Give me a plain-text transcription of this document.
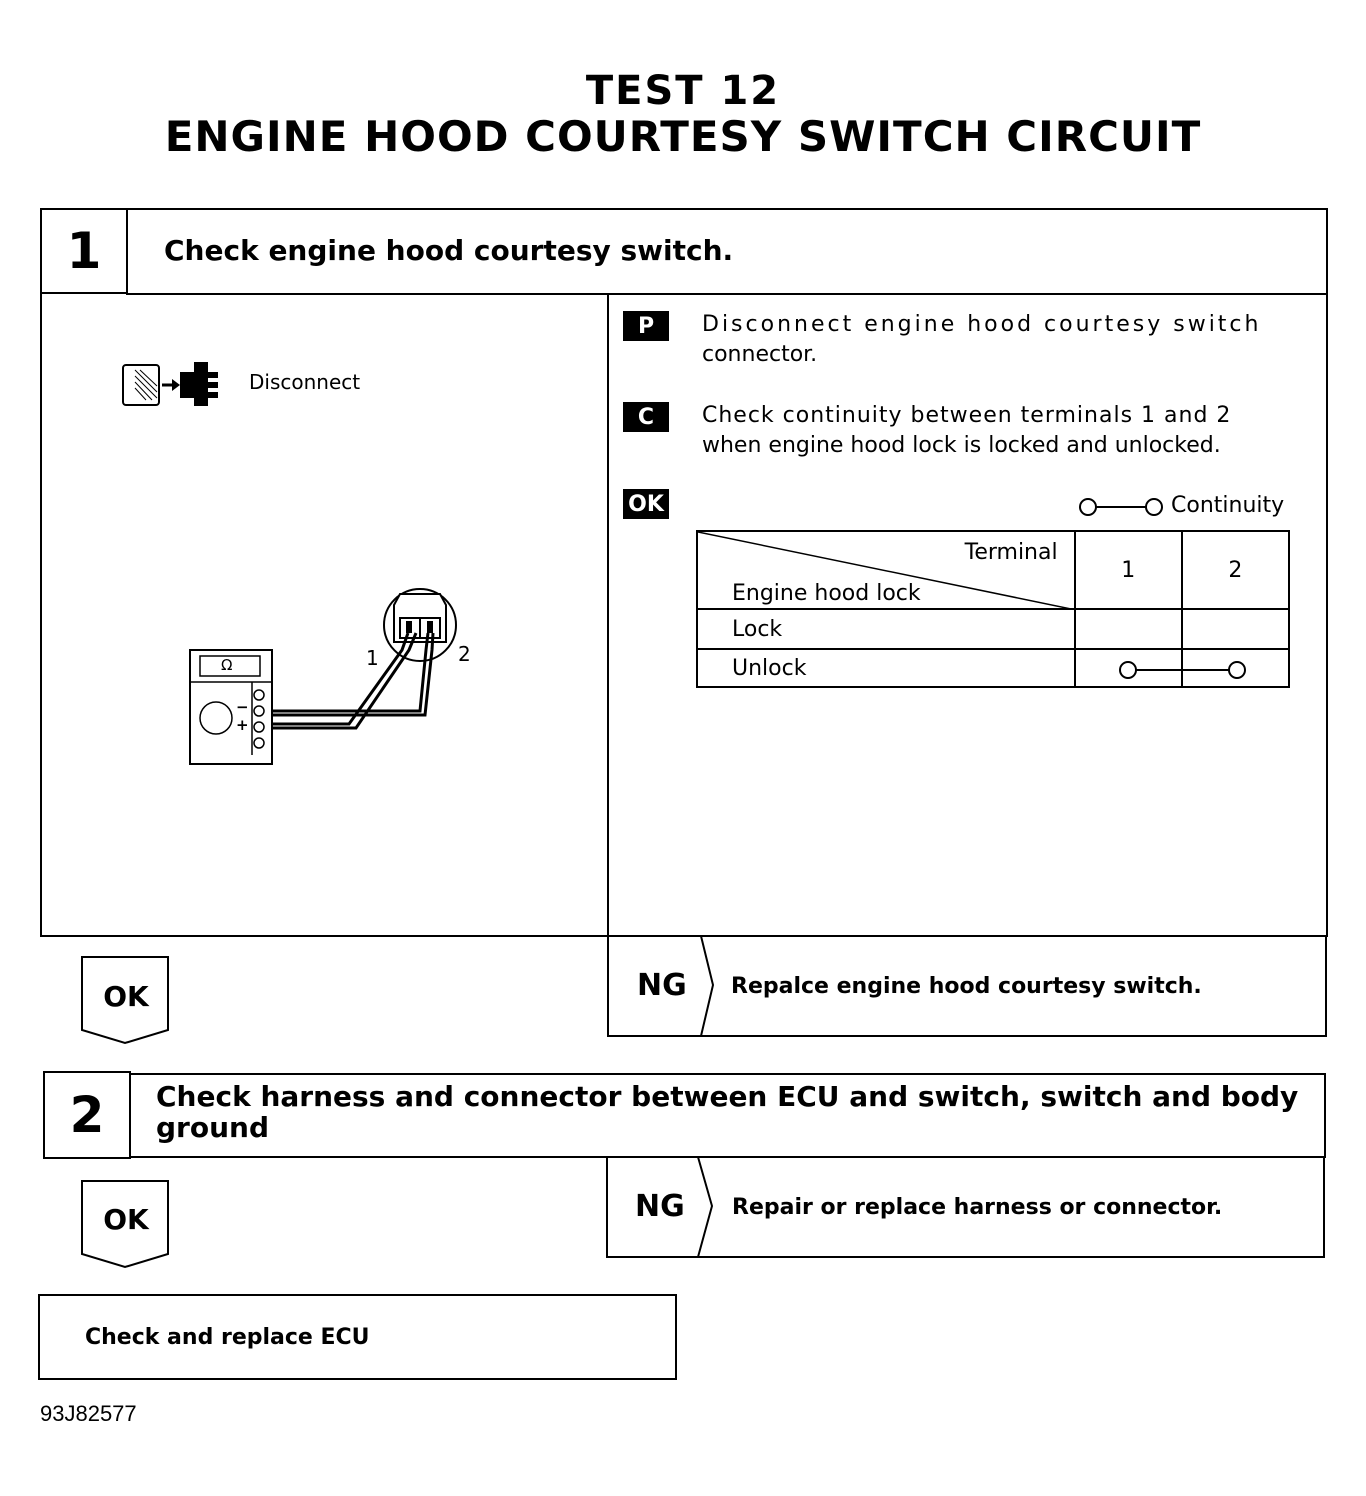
TEST 12
ENGINE HOOD COURTESY SWITCH CIRCUIT
1 Check engine hood courtesy switch.
Disconnect
Ω
−
+
1	2
P	Disconnect engine hood courtesy switch
connector.
C	Check continuity between terminals 1 and 2
when engine hood lock is locked and unlocked.
OK	Continuity
Terminal
Engine hood lock	1	2
Lock		
Unlock		
OK	NG Repalce engine hood courtesy switch.
2 Check harness and connector between ECU and switch, switch and body
ground
OK	NG Repair or replace harness or connector.
Check and replace ECU
93J82577
